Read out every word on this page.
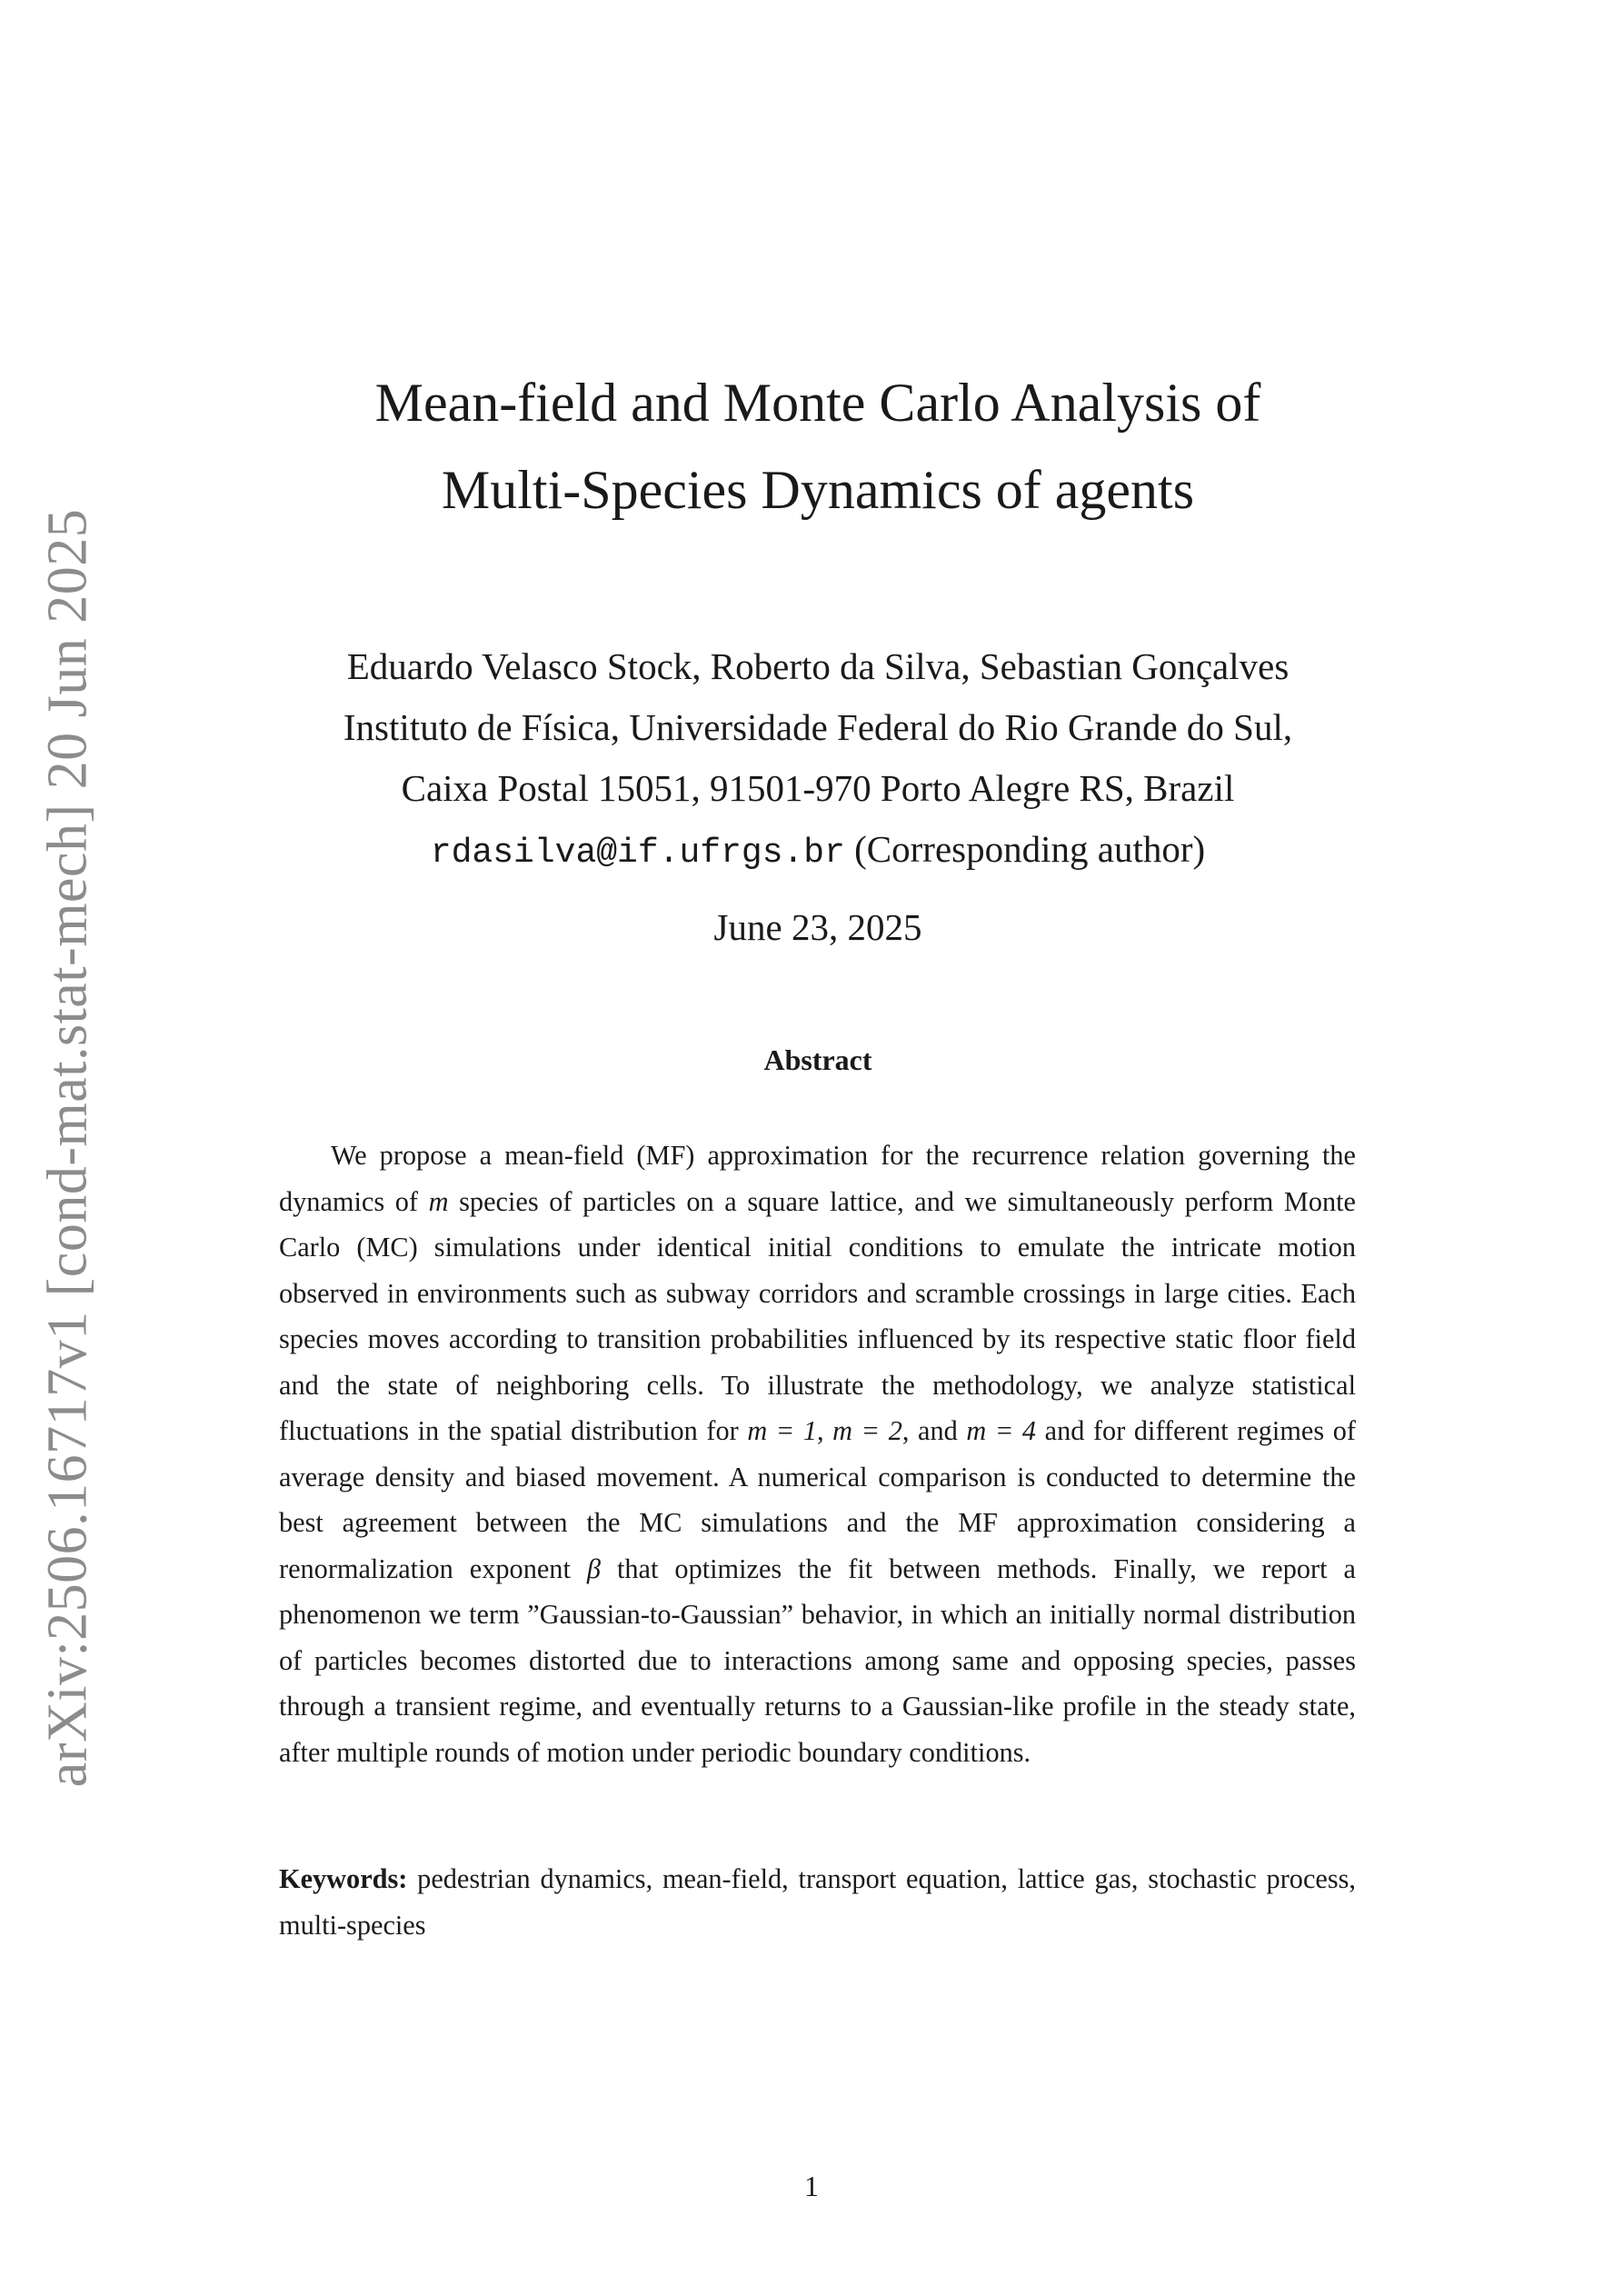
arXiv:2506.16717v1 [cond-mat.stat-mech] 20 Jun 2025
Mean-field and Monte Carlo Analysis of
Multi-Species Dynamics of agents
Eduardo Velasco Stock, Roberto da Silva, Sebastian Gonçalves
Instituto de Física, Universidade Federal do Rio Grande do Sul,
Caixa Postal 15051, 91501-970 Porto Alegre RS, Brazil
rdasilva@if.ufrgs.br (Corresponding author)
June 23, 2025
Abstract

We propose a mean-field (MF) approximation for the recurrence relation governing the dynamics of m species of particles on a square lattice, and we simultaneously perform Monte Carlo (MC) simulations under identical initial conditions to emulate the intricate motion observed in environments such as subway corridors and scramble crossings in large cities. Each species moves according to transition probabilities influenced by its respective static floor field and the state of neighboring cells. To illustrate the methodology, we analyze statistical fluctuations in the spatial distribution for m = 1, m = 2, and m = 4 and for different regimes of average density and biased movement. A numerical comparison is conducted to determine the best agreement between the MC simulations and the MF approximation considering a renormalization exponent β that optimizes the fit between methods. Finally, we report a phenomenon we term ”Gaussian-to-Gaussian” behavior, in which an initially normal distribution of particles becomes distorted due to interactions among same and opposing species, passes through a transient regime, and eventually returns to a Gaussian-like profile in the steady state, after multiple rounds of motion under periodic boundary conditions.

Keywords: pedestrian dynamics, mean-field, transport equation, lattice gas, stochastic process, multi-species

1
